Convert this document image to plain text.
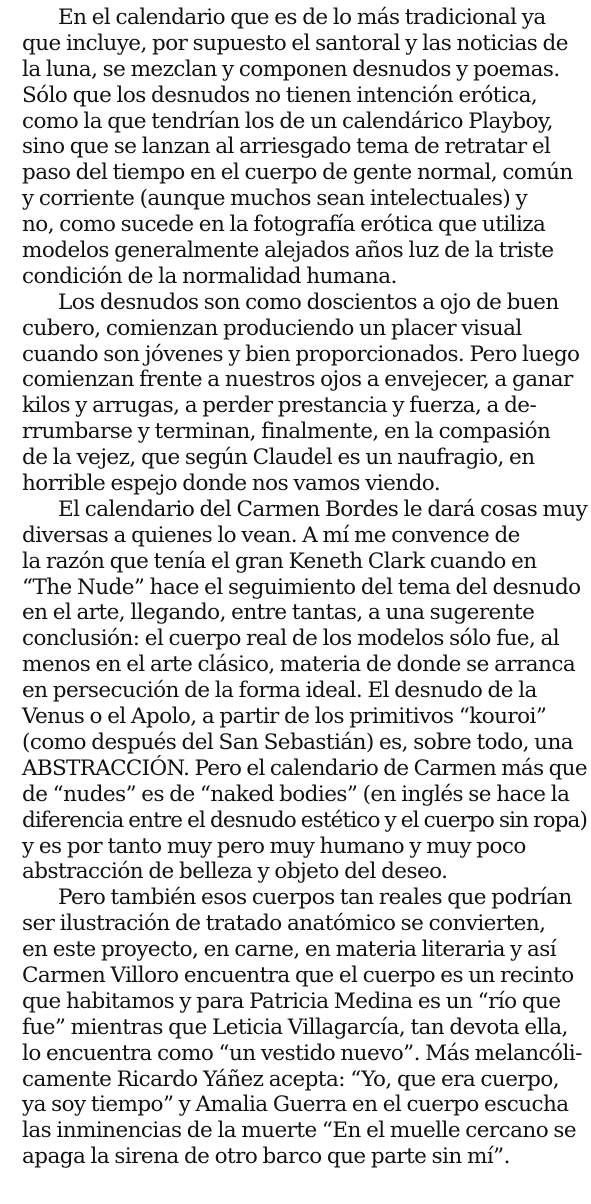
En el calendario que es de lo más tradicional ya
que incluye, por supuesto el santoral y las noticias de
la luna, se mezclan y componen desnudos y poemas.
Sólo que los desnudos no tienen intención erótica,
como la que tendrían los de un calendárico Playboy,
sino que se lanzan al arriesgado tema de retratar el
paso del tiempo en el cuerpo de gente normal, común
y corriente (aunque muchos sean intelectuales) y
no, como sucede en la fotografía erótica que utiliza
modelos generalmente alejados años luz de la triste
condición de la normalidad humana.
Los desnudos son como doscientos a ojo de buen
cubero, comienzan produciendo un placer visual
cuando son jóvenes y bien proporcionados. Pero luego
comienzan frente a nuestros ojos a envejecer, a ganar
kilos y arrugas, a perder prestancia y fuerza, a de-
rrumbarse y terminan, finalmente, en la compasión
de la vejez, que según Claudel es un naufragio, en
horrible espejo donde nos vamos viendo.
El calendario del Carmen Bordes le dará cosas muy
diversas a quienes lo vean. A mí me convence de
la razón que tenía el gran Keneth Clark cuando en
“The Nude” hace el seguimiento del tema del desnudo
en el arte, llegando, entre tantas, a una sugerente
conclusión: el cuerpo real de los modelos sólo fue, al
menos en el arte clásico, materia de donde se arranca
en persecución de la forma ideal. El desnudo de la
Venus o el Apolo, a partir de los primitivos “kouroi”
(como después del San Sebastián) es, sobre todo, una
ABSTRACCIÓN. Pero el calendario de Carmen más que
de “nudes” es de “naked bodies” (en inglés se hace la
diferencia entre el desnudo estético y el cuerpo sin ropa)
y es por tanto muy pero muy humano y muy poco
abstracción de belleza y objeto del deseo.
Pero también esos cuerpos tan reales que podrían
ser ilustración de tratado anatómico se convierten,
en este proyecto, en carne, en materia literaria y así
Carmen Villoro encuentra que el cuerpo es un recinto
que habitamos y para Patricia Medina es un “río que
fue” mientras que Leticia Villagarcía, tan devota ella,
lo encuentra como “un vestido nuevo”. Más melancóli-
camente Ricardo Yáñez acepta: “Yo, que era cuerpo,
ya soy tiempo” y Amalia Guerra en el cuerpo escucha
las inminencias de la muerte “En el muelle cercano se
apaga la sirena de otro barco que parte sin mí”.
